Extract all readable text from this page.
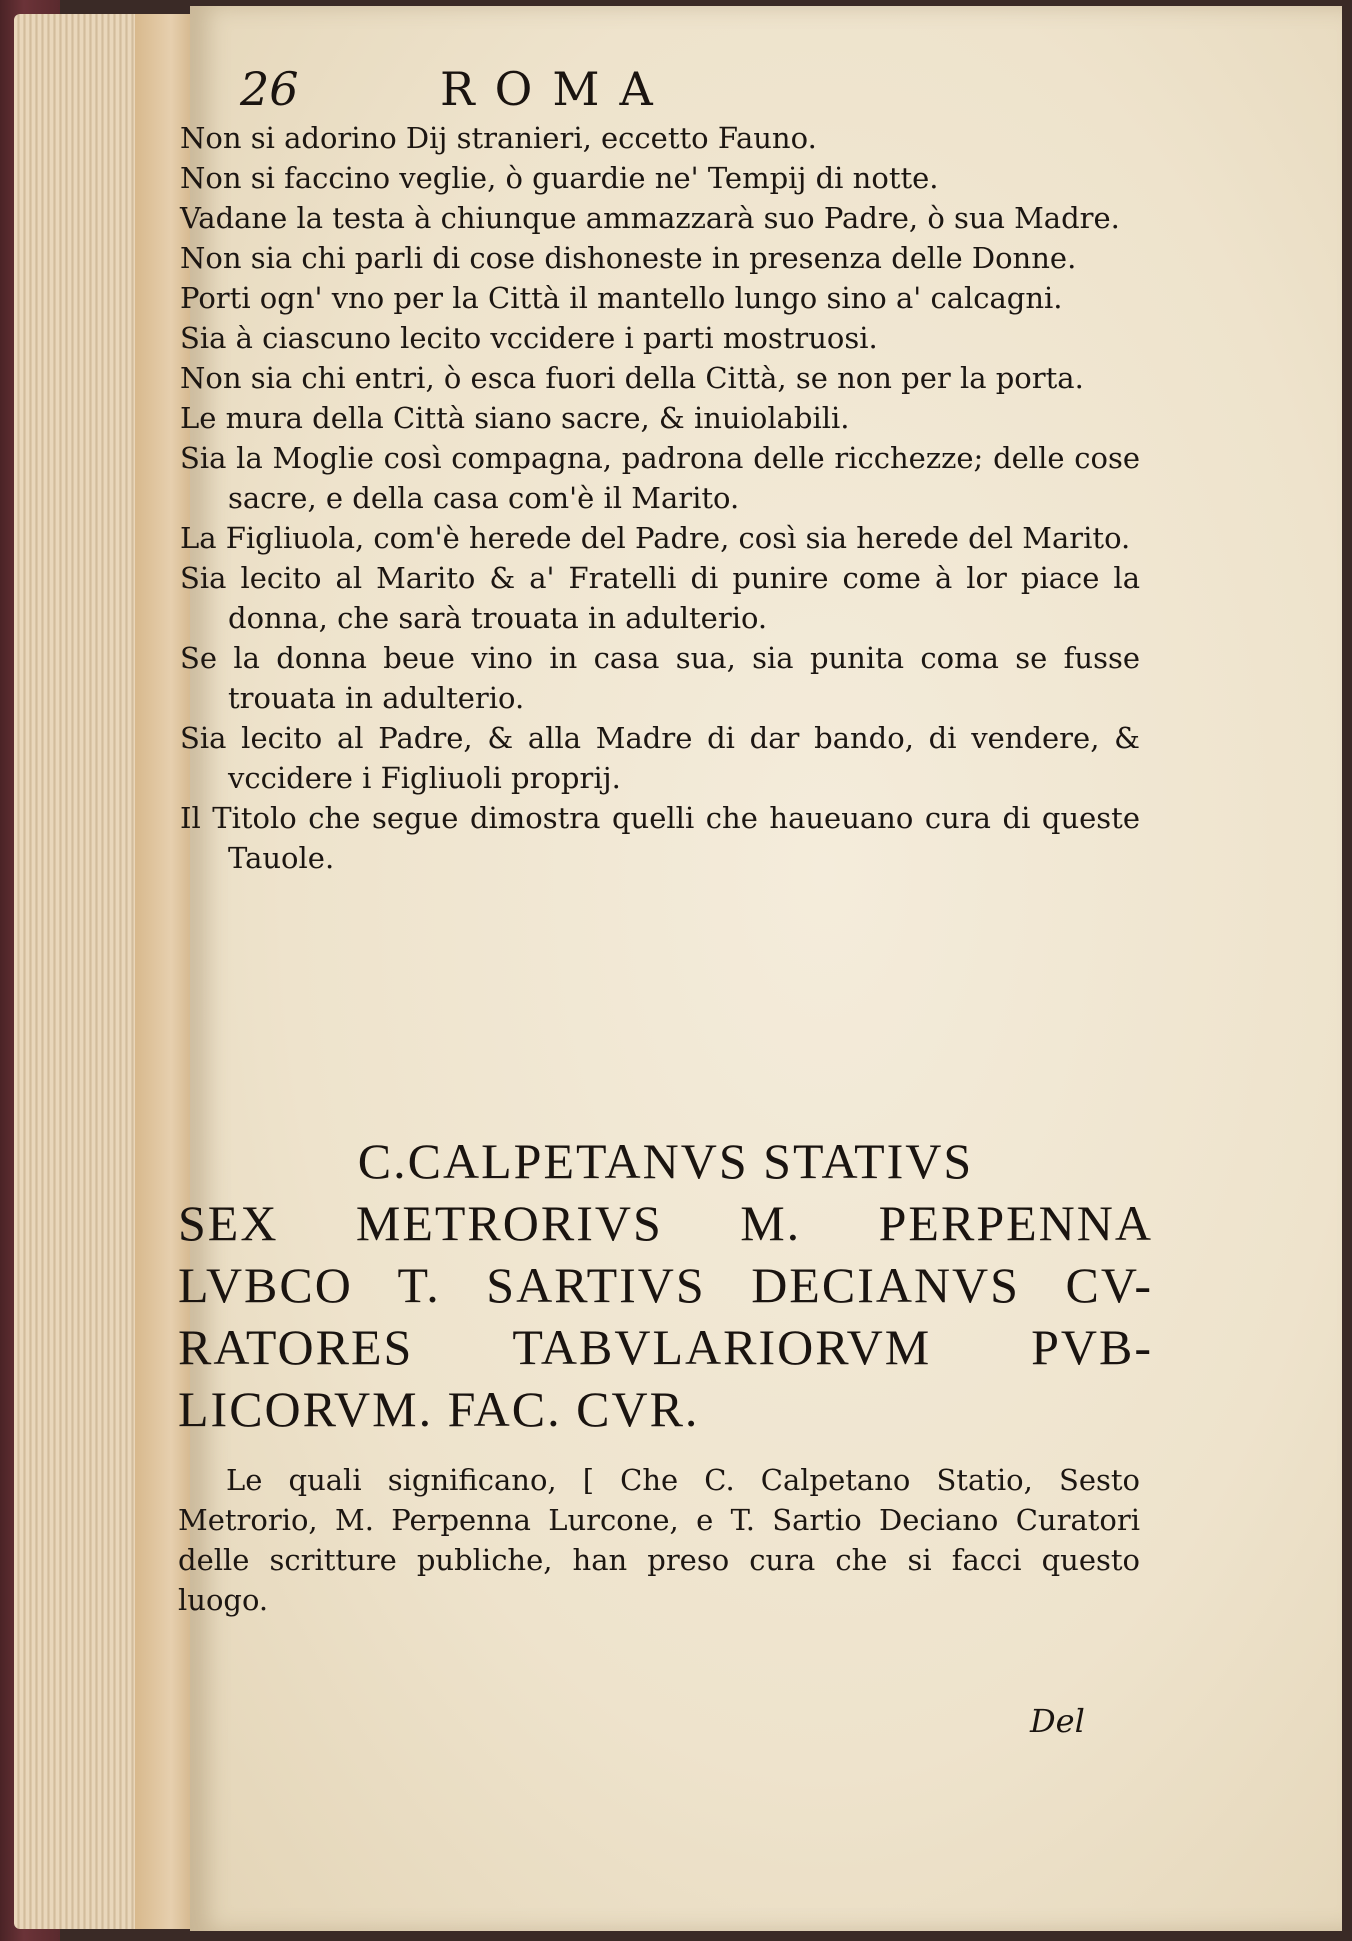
26	ROMA

Non si adorino Dij stranieri, eccetto Fauno.

Non si faccino veglie, ò guardie ne' Tempij di notte.

Vadane la testa à chiunque ammazzarà suo Padre, ò sua Madre.

Non sia chi parli di cose dishoneste in presenza delle Donne.

Porti ogn' vno per la Città il mantello lungo sino a' calcagni.

Sia à ciascuno lecito vccidere i parti mostruosi.

Non sia chi entri, ò esca fuori della Città, se non per la porta.

Le mura della Città siano sacre, & inuiolabili.

Sia la Moglie così compagna, padrona delle ricchezze; delle cose sacre, e della casa com'è il Marito.

La Figliuola, com'è herede del Padre, così sia herede del Marito.

Sia lecito al Marito & a' Fratelli di punire come à lor piace la donna, che sarà trouata in adulterio.

Se la donna beue vino in casa sua, sia punita coma se fusse trouata in adulterio.

Sia lecito al Padre, & alla Madre di dar bando, di vendere, & vccidere i Figliuoli proprij.

Il Titolo che segue dimostra quelli che haueuano cura di queste Tauole.

C.CALPETANVS STATIVS
SEX METRORIVS M. PERPENNA
LVBCO T. SARTIVS DECIANVS CV-
RATORES TABVLARIORVM PVB-
LICORVM. FAC. CVR.

Le quali significano, [ Che C. Calpetano Statio, Sesto Metrorio, M. Perpenna Lurcone, e T. Sartio Deciano Curatori delle scritture publiche, han preso cura che si facci questo luogo.

Del
